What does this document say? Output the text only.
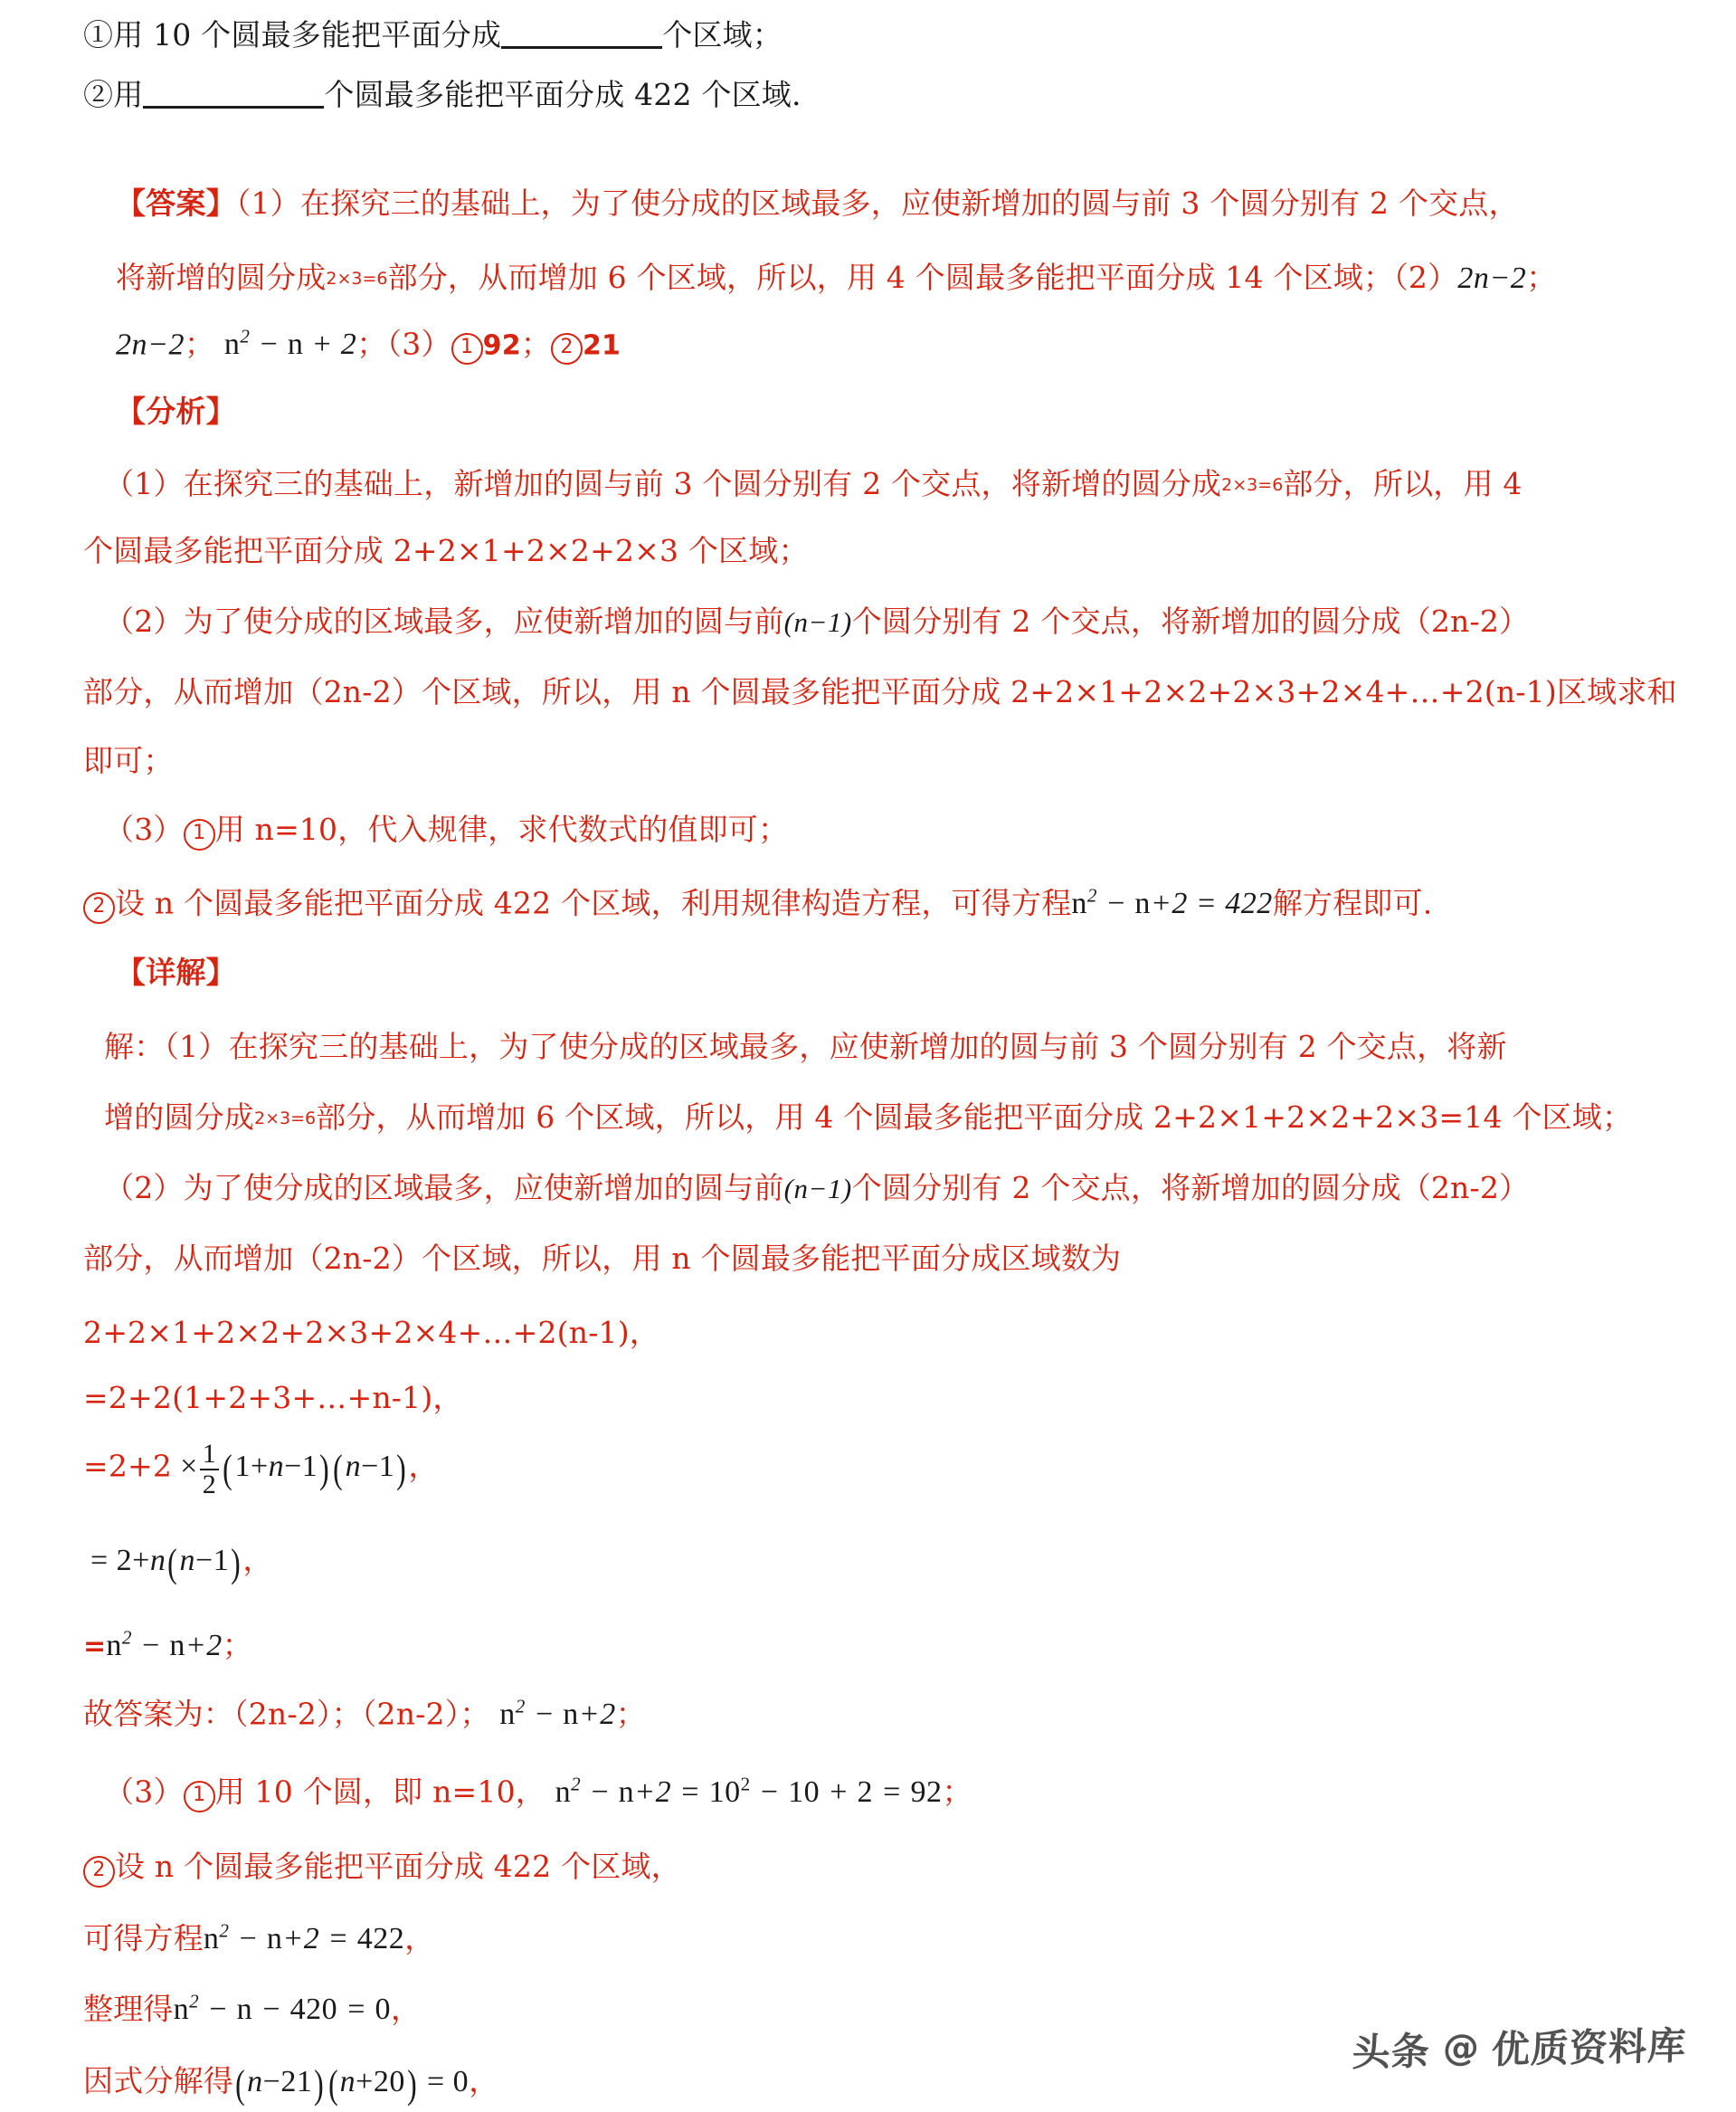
①用 10 个圆最多能把平面分成	个区域；
②用	个圆最多能把平面分成 422 个区域.
【答案】（1）在探究三的基础上，为了使分成的区域最多，应使新增加的圆与前 3 个圆分别有 2 个交点，
将新增的圆分成2×3=6部分，从而增加 6 个区域，所以，用 4 个圆最多能把平面分成 14 个区域；（2）2n−2；
2n−2； $n^2 - n + 2$；（3） 1 92； 2 21
【分析】
（1）在探究三的基础上，新增加的圆与前 3 个圆分别有 2 个交点，将新增的圆分成2×3=6部分，所以，用 4
个圆最多能把平面分成 2+2×1+2×2+2×3 个区域；
（2）为了使分成的区域最多，应使新增加的圆与前(n−1)个圆分别有 2 个交点，将新增加的圆分成（2n-2）
部分，从而增加（2n-2）个区域，所以，用 n 个圆最多能把平面分成 2+2×1+2×2+2×3+2×4+…+2(n-1)区域求和
即可；
（3） 1 用 n=10，代入规律，求代数式的值即可；
2 设 n 个圆最多能把平面分成 422 个区域，利用规律构造方程，可得方程$n^2 - n+2 = 422$解方程即可.
【详解】
解：（1）在探究三的基础上，为了使分成的区域最多，应使新增加的圆与前 3 个圆分别有 2 个交点，将新
增的圆分成2×3=6部分，从而增加 6 个区域，所以，用 4 个圆最多能把平面分成 2+2×1+2×2+2×3=14 个区域；
（2）为了使分成的区域最多，应使新增加的圆与前(n−1)个圆分别有 2 个交点，将新增加的圆分成（2n-2）
部分，从而增加（2n-2）个区域，所以，用 n 个圆最多能把平面分成区域数为
2+2×1+2×2+2×3+2×4+…+2(n-1)，
=2+2(1+2+3+…+n-1)，
$=2+2 \times \frac{1}{2} (1+n-1)(n-1)$，
= 2+n(n−1)，
$=n^2 - n+2$；
故答案为：（2n-2）；（2n-2）； $n^2 - n+2$；
（3） 1 用 10 个圆，即 n=10， $n^2 - n+2 = 10^2 - 10 + 2 = 92$；
2 设 n 个圆最多能把平面分成 422 个区域，
可得方程$n^2 - n+2 = 422$，
整理得$n^2 - n - 420 = 0$，
因式分解得(n−21)(n+20) = 0，
头条 @ 优质资料库
